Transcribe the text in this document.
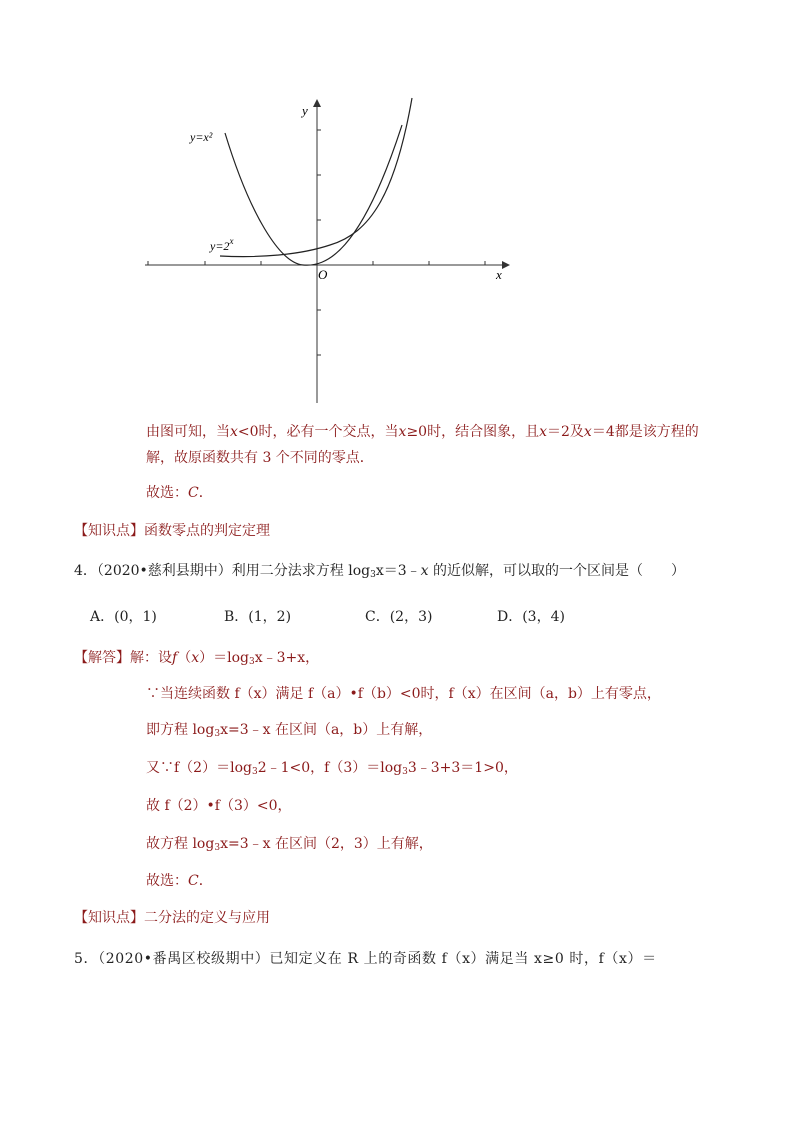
y
x
O
y=x²
$y=2^x$
由图可知，当x<0时，必有一个交点，当x≥0时，结合图象，且x＝2及x＝4都是该方程的
解，故原函数共有 3 个不同的零点．
故选：C．
【知识点】函数零点的判定定理
4．（2020•慈利县期中）利用二分法求方程 $\log_3x=3﹣x$ 的近似解，可以取的一个区间是（　　）
A．(0，1)	B．(1，2)	C．(2，3)	D．(3，4)
【解答】解：设$f(x)=\log_3x﹣3+x$，
∵当连续函数 f（x）满足 f（a）•f（b）<0时，f（x）在区间（a，b）上有零点，
即方程 $\log_3x=3﹣x$ 在区间（a，b）上有解，
又$\because f(2)=\log_32﹣1<0$，$f(3)=\log_33﹣3+3=1>0$，
故 f（2）•f（3）<0，
故方程 $\log_3x=3﹣x$ 在区间（2，3）上有解，
故选：C．
【知识点】二分法的定义与应用
5．（2020•番禺区校级期中）已知定义在 R 上的奇函数 f（x）满足当 x≥0 时，f（x）＝
